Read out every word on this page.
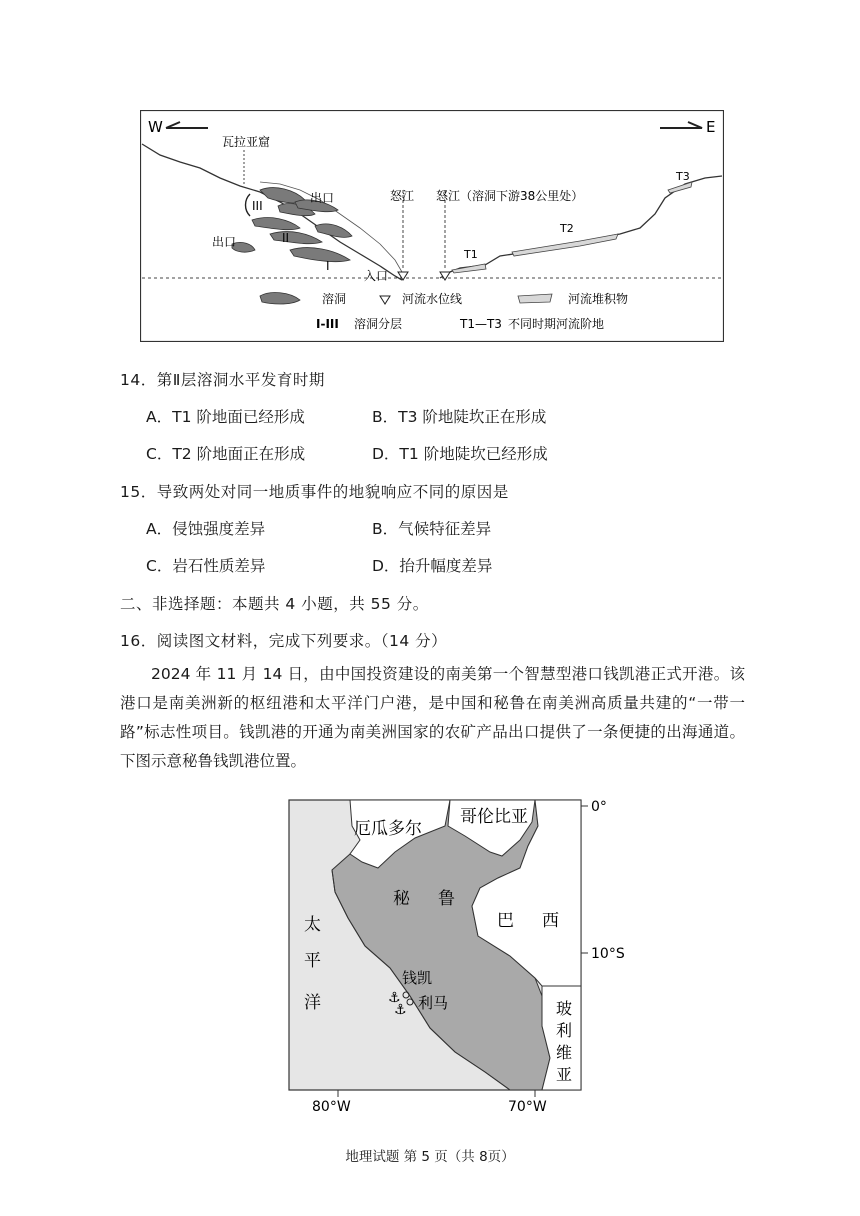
W	E
瓦拉亚窟
出口
出口
入口
I
II
III
怒江 怒江（溶洞下游38公里处）
T1
T2
T3
溶洞	河流水位线	河流堆积物
I-III 溶洞分层	T1—T3 不同时期河流阶地
14．第Ⅱ层溶洞水平发育时期
A．T1 阶地面已经形成	B．T3 阶地陡坎正在形成
C．T2 阶地面正在形成	D．T1 阶地陡坎已经形成
15．导致两处对同一地质事件的地貌响应不同的原因是
A．侵蚀强度差异	B．气候特征差异
C．岩石性质差异	D．抬升幅度差异
二、非选择题：本题共 4 小题，共 55 分。
16．阅读图文材料，完成下列要求。（14 分）
2024 年 11 月 14 日，由中国投资建设的南美第一个智慧型港口钱凯港正式开港。该港口是南美洲新的枢纽港和太平洋门户港，是中国和秘鲁在南美洲高质量共建的“一带一路”标志性项目。钱凯港的开通为南美洲国家的农矿产品出口提供了一条便捷的出海通道。下图示意秘鲁钱凯港位置。
厄瓜多尔
哥伦比亚
秘 鲁
巴 西
太
平
洋	玻
利
维
亚
钱凯
⚓
⚓ 利马
0°
10°S
80°W	70°W
地理试题 第 5 页（共 8页）
